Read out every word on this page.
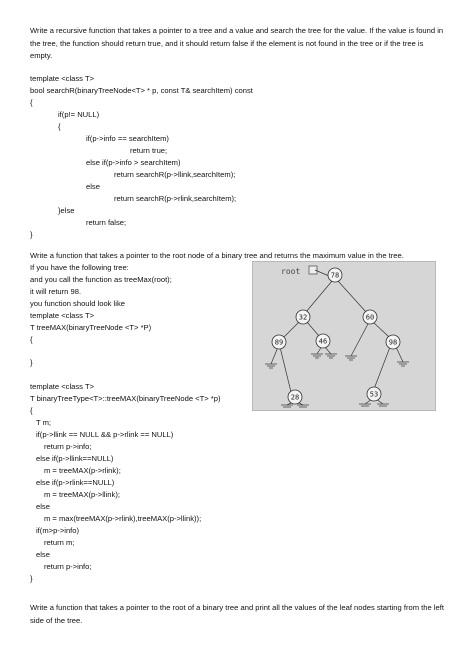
Write a recursive function that takes a pointer to a tree and a value and search the tree for the value. If the value is found in the tree, the function should return true, and it should return false if the element is not found in the tree or if the tree is empty.
template <class T>
bool searchR(binaryTreeNode<T> * p, const T& searchItem) const
{
if(p!= NULL)
{
if(p->info == searchItem)
return true;
else if(p->info > searchItem)
return searchR(p->llink,searchItem);
else
return searchR(p->rlink,searchItem);
}else
return false;
}
Write a function that takes a pointer to the root node of a binary tree and returns the maximum value in the tree.
If you have the following tree:
and you call the function as treeMax(root);
it will return 98.
you function should look like
template <class T>
T treeMAX(binaryTreeNode <T> *P)
{
}
root	78
32	60
89	46	98
28	53
template <class T>
T binaryTreeType<T>::treeMAX(binaryTreeNode <T> *p)
{
T m;
if(p->llink == NULL && p->rlink == NULL)
return p->info;
else if(p->llink==NULL)
m = treeMAX(p->rlink);
else if(p->rlink==NULL)
m = treeMAX(p->llink);
else
m = max(treeMAX(p->rlink),treeMAX(p->llink));
if(m>p->info)
return m;
else
return p->info;
}
Write a function that takes a pointer to the root of a binary tree and print all the values of the leaf nodes starting from the left side of the tree.
